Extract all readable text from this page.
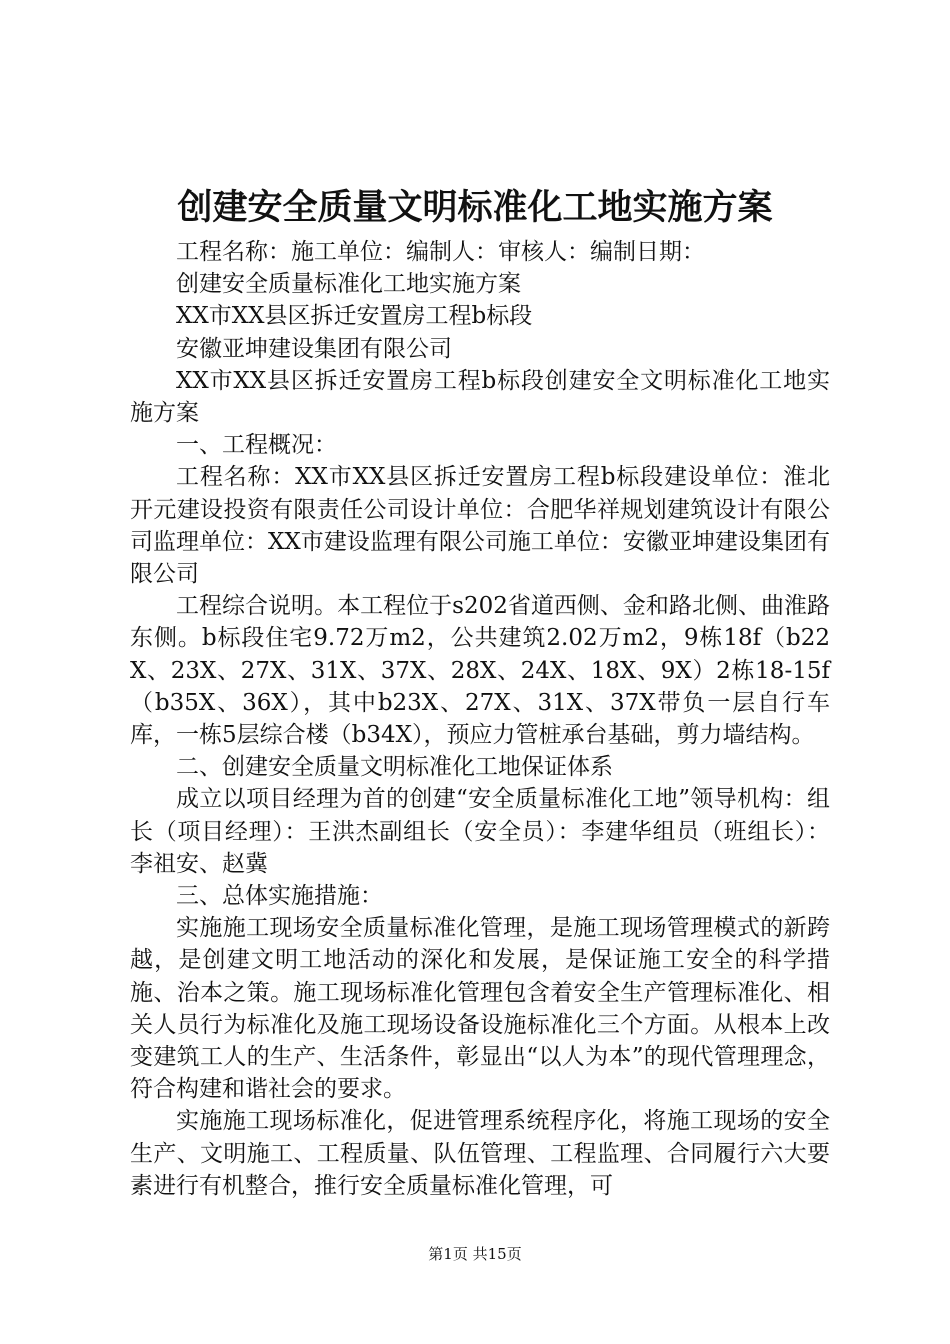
创建安全质量文明标准化工地实施方案

工程名称：施工单位：编制人：审核人：编制日期：

创建安全质量标准化工地实施方案

XX市XX县区拆迁安置房工程b标段

安徽亚坤建设集团有限公司

XX市XX县区拆迁安置房工程b标段创建安全文明标准化工地实施方案

一、工程概况：

工程名称：XX市XX县区拆迁安置房工程b标段建设单位：淮北开元建设投资有限责任公司设计单位：合肥华祥规划建筑设计有限公司监理单位：XX市建设监理有限公司施工单位：安徽亚坤建设集团有限公司

工程综合说明。本工程位于s202省道西侧、金和路北侧、曲淮路东侧。b标段住宅9.72万m2，公共建筑2.02万m2，9栋18f（b22X、23X、27X、31X、37X、28X、24X、18X、9X）2栋18-15f（b35X、36X），其中b23X、27X、31X、37X带负一层自行车库，一栋5层综合楼（b34X），预应力管桩承台基础，剪力墙结构。

二、创建安全质量文明标准化工地保证体系

成立以项目经理为首的创建“安全质量标准化工地”领导机构：组长（项目经理）：王洪杰副组长（安全员）：李建华组员（班组长）：李祖安、赵冀

三、总体实施措施：

实施施工现场安全质量标准化管理，是施工现场管理模式的新跨越，是创建文明工地活动的深化和发展，是保证施工安全的科学措施、治本之策。施工现场标准化管理包含着安全生产管理标准化、相关人员行为标准化及施工现场设备设施标准化三个方面。从根本上改变建筑工人的生产、生活条件，彰显出“以人为本”的现代管理理念，符合构建和谐社会的要求。

实施施工现场标准化，促进管理系统程序化，将施工现场的安全生产、文明施工、工程质量、队伍管理、工程监理、合同履行六大要素进行有机整合，推行安全质量标准化管理，可

第1页 共15页
